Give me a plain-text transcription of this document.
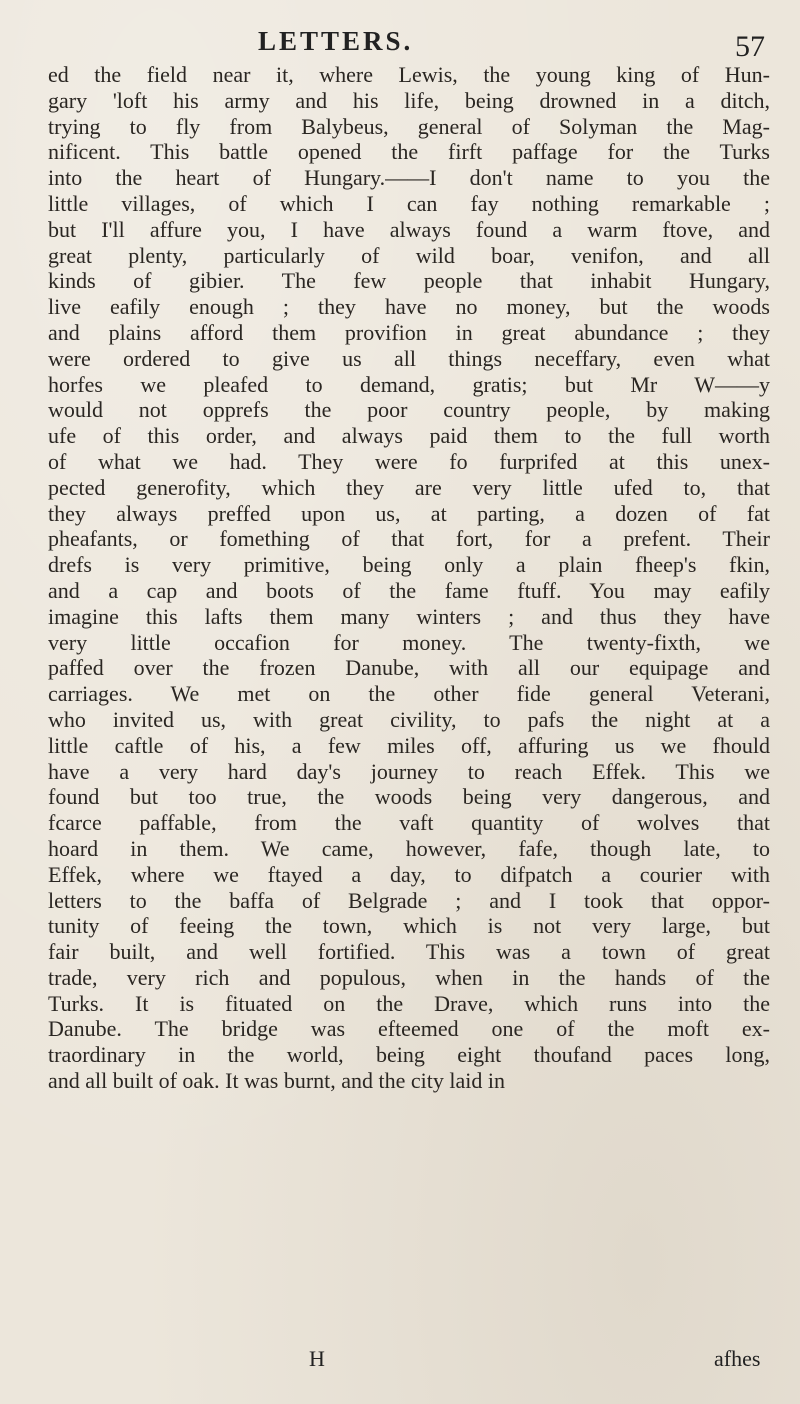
LETTERS.	57
ed the field near it, where Lewis, the young king of Hun-
gary 'loft his army and his life, being drowned in a ditch,
trying to fly from Balybeus, general of Solyman the Mag-
nificent. This battle opened the firft paffage for the Turks
into the heart of Hungary.——I don't name to you the
little villages, of which I can fay nothing remarkable ;
but I'll affure you, I have always found a warm ftove, and
great plenty, particularly of wild boar, venifon, and all
kinds of gibier. The few people that inhabit Hungary,
live eafily enough ; they have no money, but the woods
and plains afford them provifion in great abundance ; they
were ordered to give us all things neceffary, even what
horfes we pleafed to demand, gratis; but Mr W——y
would not opprefs the poor country people, by making
ufe of this order, and always paid them to the full worth
of what we had. They were fo furprifed at this unex-
pected generofity, which they are very little ufed to, that
they always preffed upon us, at parting, a dozen of fat
pheafants, or fomething of that fort, for a prefent. Their
drefs is very primitive, being only a plain fheep's fkin,
and a cap and boots of the fame ftuff. You may eafily
imagine this lafts them many winters ; and thus they have
very little occafion for money. The twenty-fixth, we
paffed over the frozen Danube, with all our equipage and
carriages. We met on the other fide general Veterani,
who invited us, with great civility, to pafs the night at a
little caftle of his, a few miles off, affuring us we fhould
have a very hard day's journey to reach Effek. This we
found but too true, the woods being very dangerous, and
fcarce paffable, from the vaft quantity of wolves that
hoard in them. We came, however, fafe, though late, to
Effek, where we ftayed a day, to difpatch a courier with
letters to the baffa of Belgrade ; and I took that oppor-
tunity of feeing the town, which is not very large, but
fair built, and well fortified. This was a town of great
trade, very rich and populous, when in the hands of the
Turks. It is fituated on the Drave, which runs into the
Danube. The bridge was efteemed one of the moft ex-
traordinary in the world, being eight thoufand paces long,
and all built of oak. It was burnt, and the city laid in
H	afhes
